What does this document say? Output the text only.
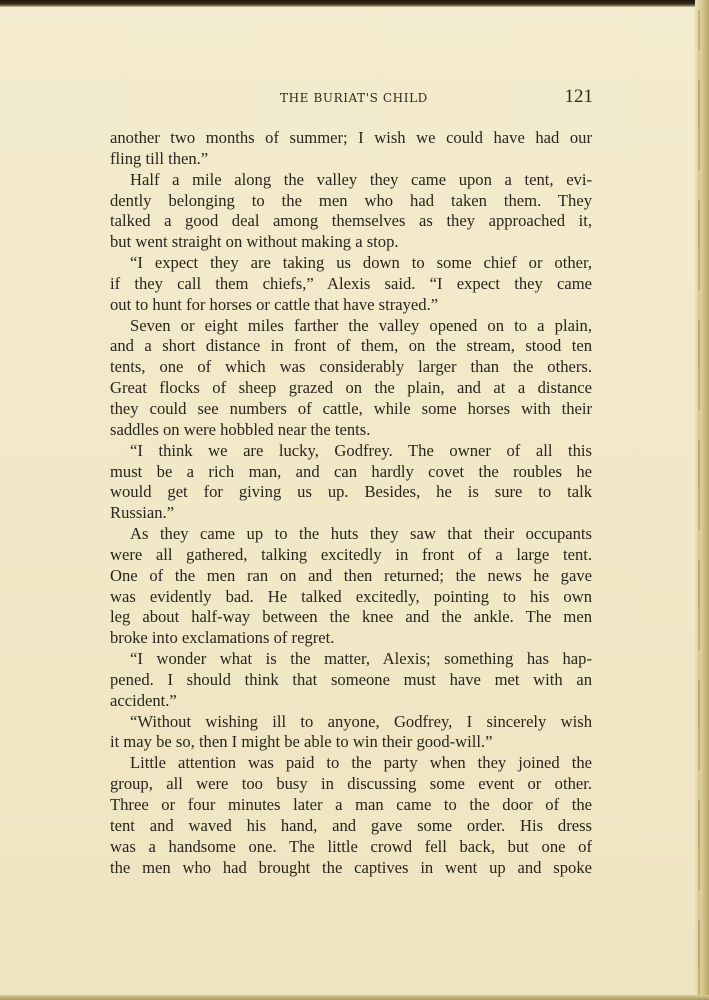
THE BURIAT'S CHILD	121
another two months of summer; I wish we could have had our
fling till then.”
Half a mile along the valley they came upon a tent, evi-
dently belonging to the men who had taken them. They
talked a good deal among themselves as they approached it,
but went straight on without making a stop.
“I expect they are taking us down to some chief or other,
if they call them chiefs,” Alexis said. “I expect they came
out to hunt for horses or cattle that have strayed.”
Seven or eight miles farther the valley opened on to a plain,
and a short distance in front of them, on the stream, stood ten
tents, one of which was considerably larger than the others.
Great flocks of sheep grazed on the plain, and at a distance
they could see numbers of cattle, while some horses with their
saddles on were hobbled near the tents.
“I think we are lucky, Godfrey. The owner of all this
must be a rich man, and can hardly covet the roubles he
would get for giving us up. Besides, he is sure to talk
Russian.”
As they came up to the huts they saw that their occupants
were all gathered, talking excitedly in front of a large tent.
One of the men ran on and then returned; the news he gave
was evidently bad. He talked excitedly, pointing to his own
leg about half-way between the knee and the ankle. The men
broke into exclamations of regret.
“I wonder what is the matter, Alexis; something has hap-
pened. I should think that someone must have met with an
accident.”
“Without wishing ill to anyone, Godfrey, I sincerely wish
it may be so, then I might be able to win their good-will.”
Little attention was paid to the party when they joined the
group, all were too busy in discussing some event or other.
Three or four minutes later a man came to the door of the
tent and waved his hand, and gave some order. His dress
was a handsome one. The little crowd fell back, but one of
the men who had brought the captives in went up and spoke
